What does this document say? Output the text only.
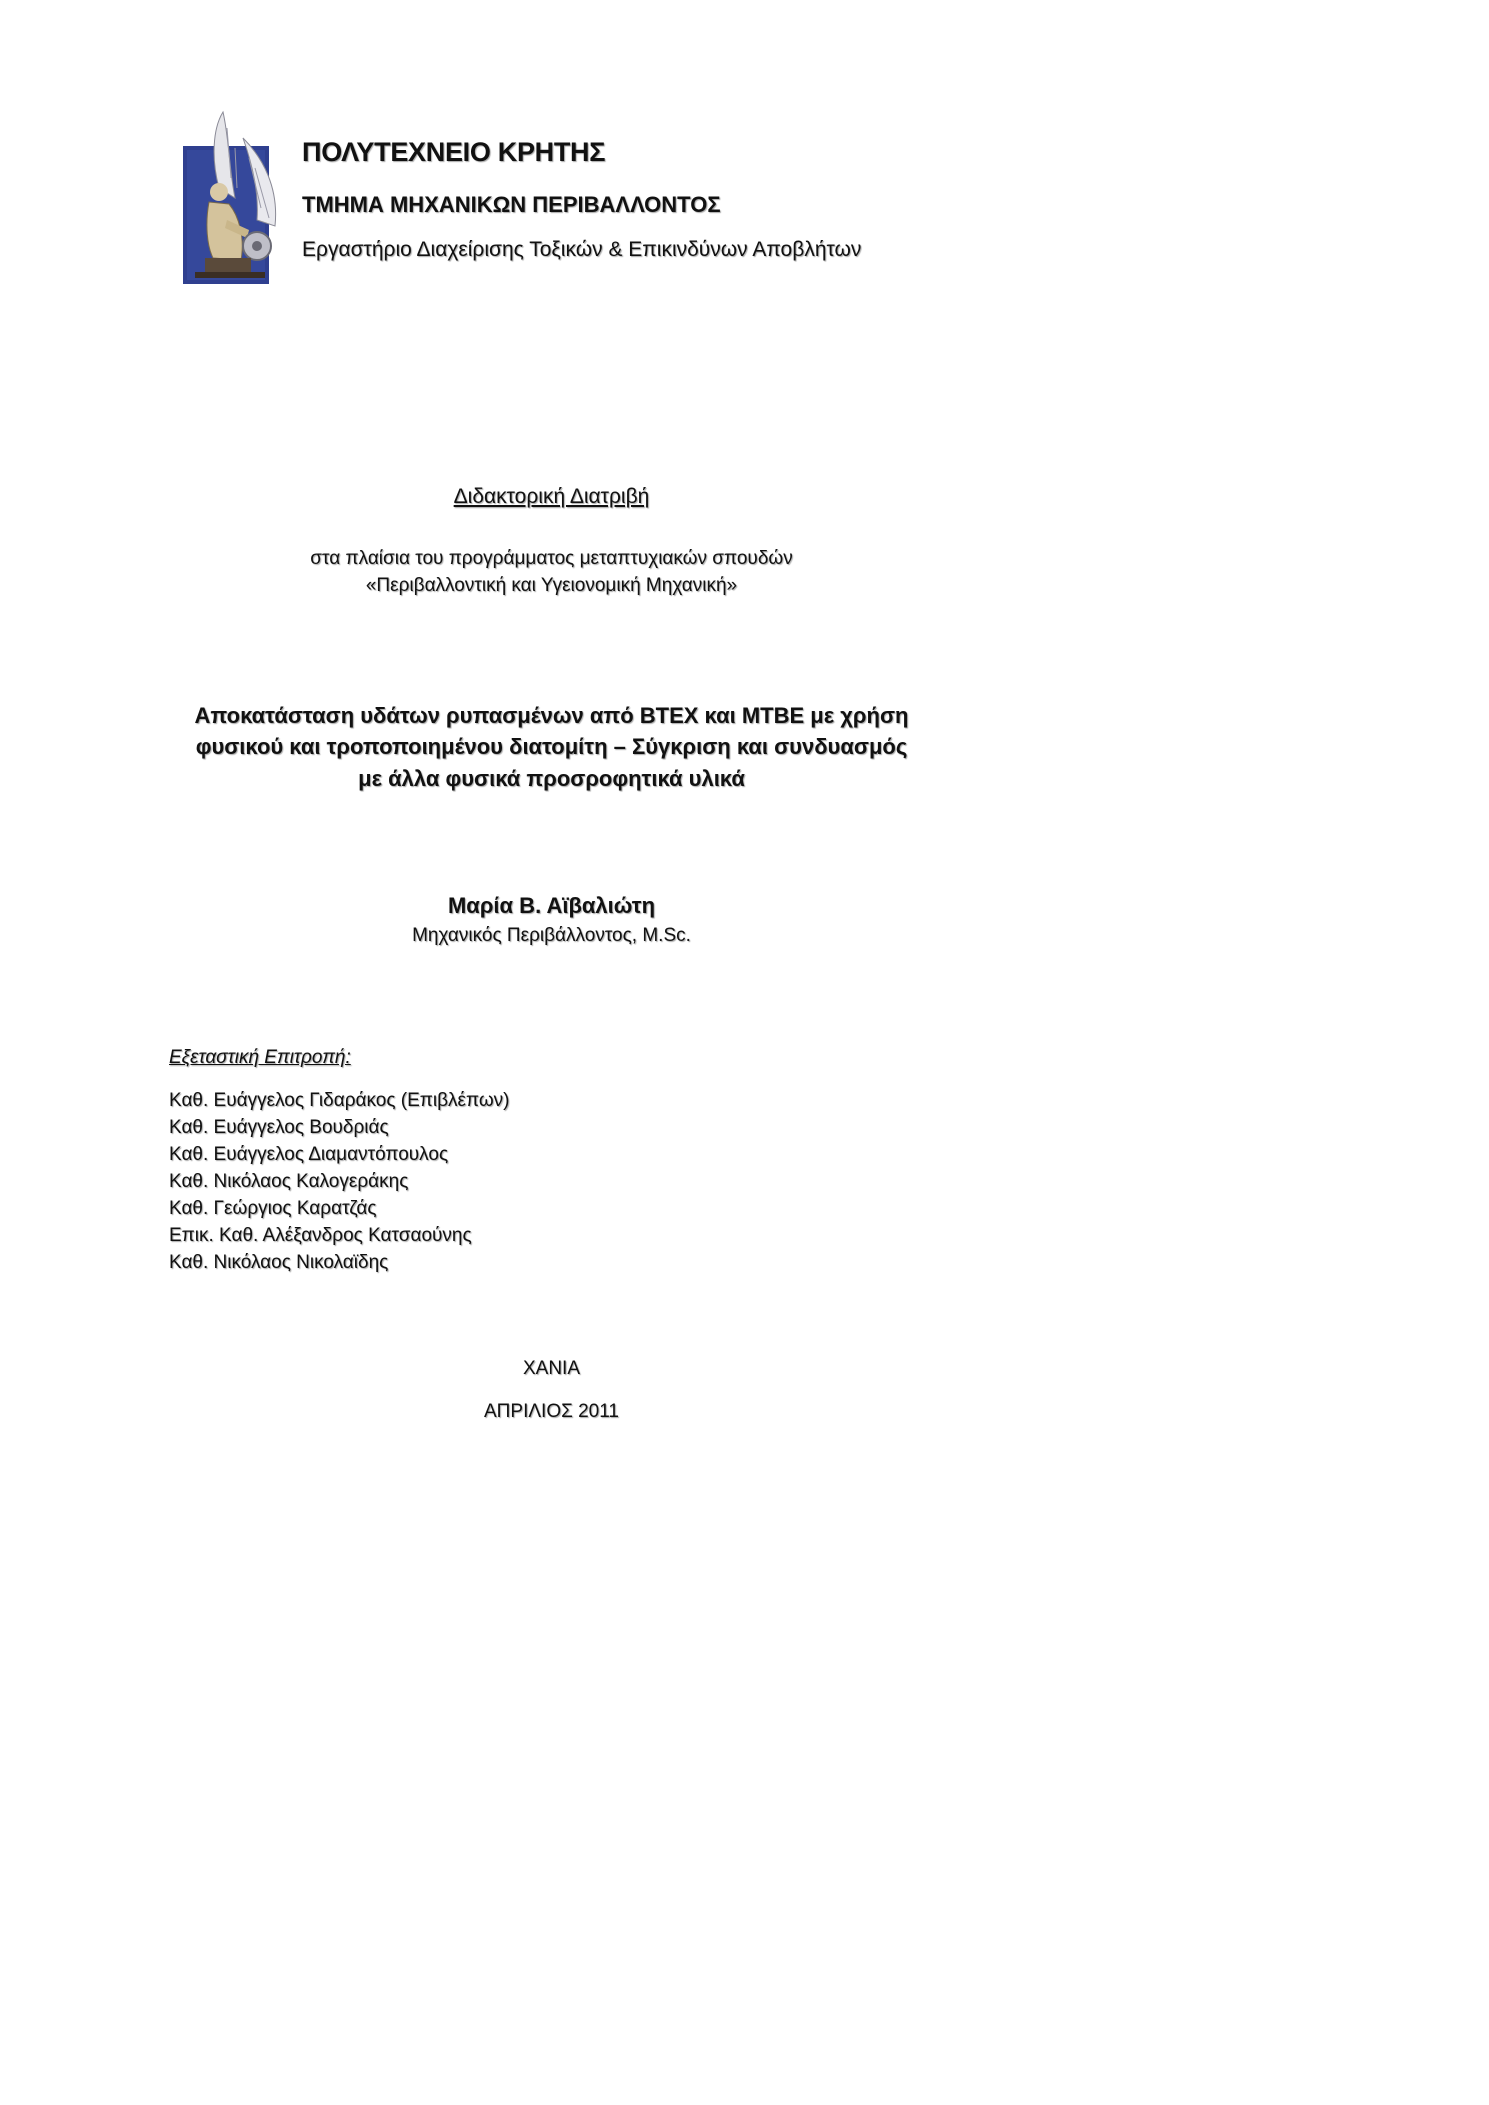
ΠΟΛΥΤΕΧΝΕΙΟ ΚΡΗΤΗΣ
ΤΜΗΜΑ ΜΗΧΑΝΙΚΩΝ ΠΕΡΙΒΑΛΛΟΝΤΟΣ
Εργαστήριο Διαχείρισης Τοξικών & Επικινδύνων Αποβλήτων
Διδακτορική Διατριβή
στα πλαίσια του προγράμματος μεταπτυχιακών σπουδών
«Περιβαλλοντική και Υγειονομική Μηχανική»
Αποκατάσταση υδάτων ρυπασμένων από BTEX και MTBE με χρήση
φυσικού και τροποποιημένου διατομίτη – Σύγκριση και συνδυασμός
με άλλα φυσικά προσροφητικά υλικά
Μαρία Β. Αϊβαλιώτη
Μηχανικός Περιβάλλοντος, M.Sc.
Εξεταστική Επιτροπή:
Καθ. Ευάγγελος Γιδαράκος (Επιβλέπων)
Καθ. Ευάγγελος Βουδριάς
Καθ. Ευάγγελος Διαμαντόπουλος
Καθ. Νικόλαος Καλογεράκης
Καθ. Γεώργιος Καρατζάς
Επικ. Καθ. Αλέξανδρος Κατσαούνης
Καθ. Νικόλαος Νικολαϊδης
ΧΑΝΙΑ
ΑΠΡΙΛΙΟΣ 2011
